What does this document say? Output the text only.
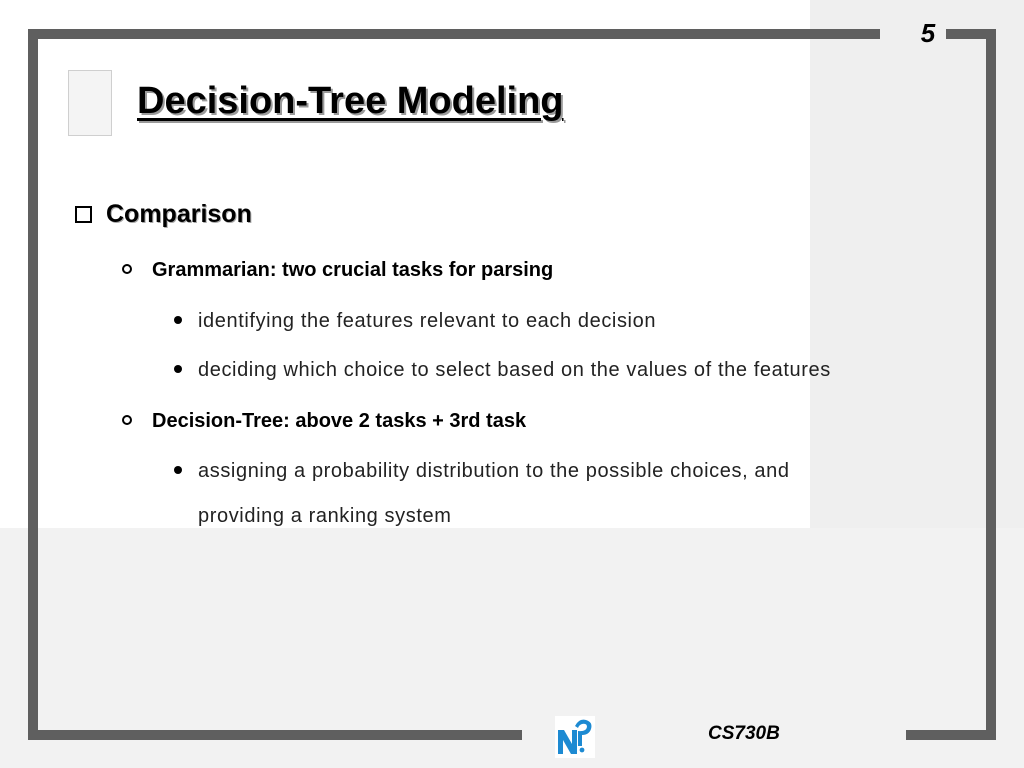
5
Decision-Tree Modeling
Comparison
Grammarian: two crucial tasks for parsing
identifying the features relevant to each decision
deciding which choice to select based on the values of the features
Decision-Tree: above 2 tasks + 3rd task
assigning a probability distribution to the possible choices, and
providing a ranking system
CS730B
